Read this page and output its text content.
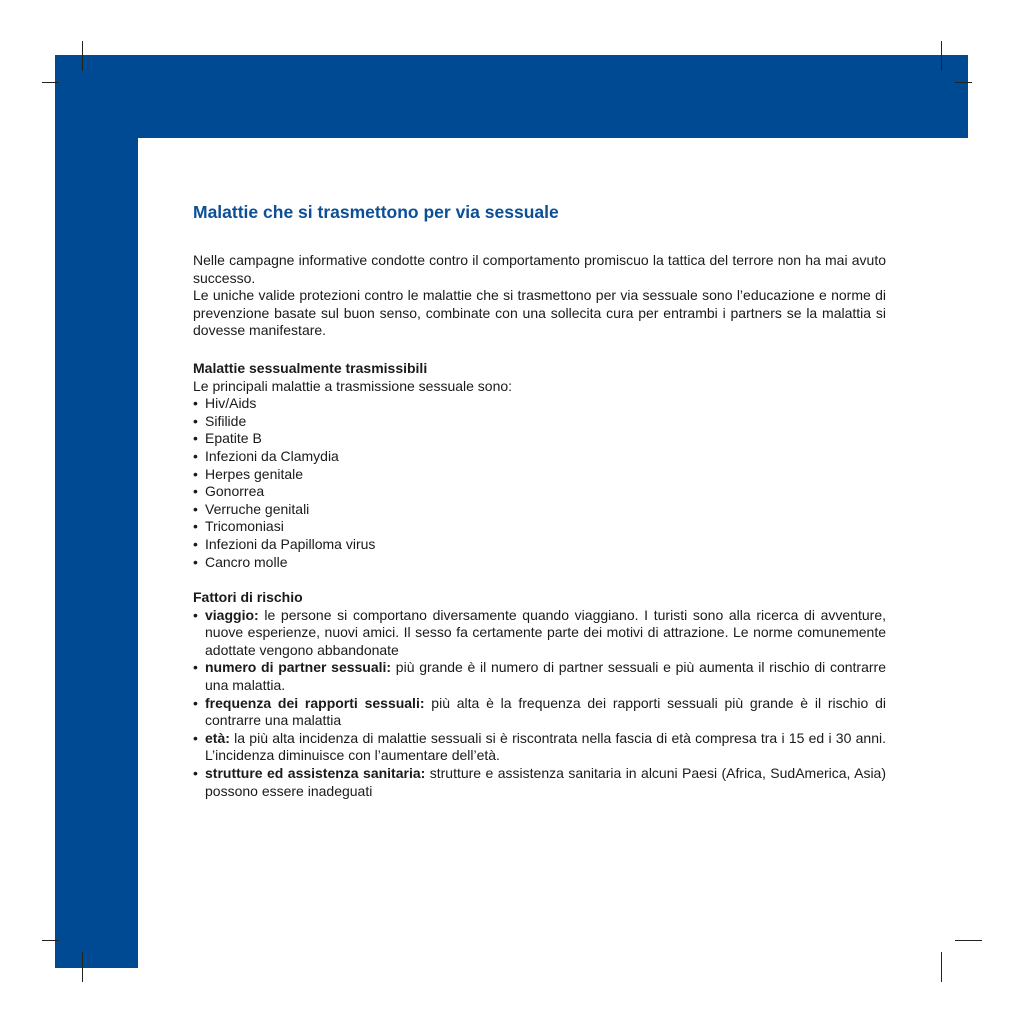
Malattie che si trasmettono per via sessuale

Nelle campagne informative condotte contro il comportamento promiscuo la tattica del terrore non ha mai avuto successo.

Le uniche valide protezioni contro le malattie che si trasmettono per via sessuale sono l’educazione e norme di prevenzione basate sul buon senso, combinate con una sollecita cura per entrambi i partners se la malattia si dovesse manifestare.

Malattie sessualmente trasmissibili
Le principali malattie a trasmissione sessuale sono:
• Hiv/Aids
• Sifilide
• Epatite B
• Infezioni da Clamydia
• Herpes genitale
• Gonorrea
• Verruche genitali
• Tricomoniasi
• Infezioni da Papilloma virus
• Cancro molle
Fattori di rischio
• viaggio: le persone si comportano diversamente quando viaggiano. I turisti sono alla ricerca di avventure, nuove esperienze, nuovi amici. Il sesso fa certamente parte dei motivi di attrazione. Le norme comunemente adottate vengono abbandonate
• numero di partner sessuali: più grande è il numero di partner sessuali e più aumenta il rischio di contrarre una malattia.
• frequenza dei rapporti sessuali: più alta è la frequenza dei rapporti sessuali più grande è il rischio di contrarre una malattia
• età: la più alta incidenza di malattie sessuali si è riscontrata nella fascia di età compresa tra i 15 ed i 30 anni. L’incidenza diminuisce con l’aumentare dell’età.
• strutture ed assistenza sanitaria: strutture e assistenza sanitaria in alcuni Paesi (Africa, SudAmerica, Asia) possono essere inadeguati
